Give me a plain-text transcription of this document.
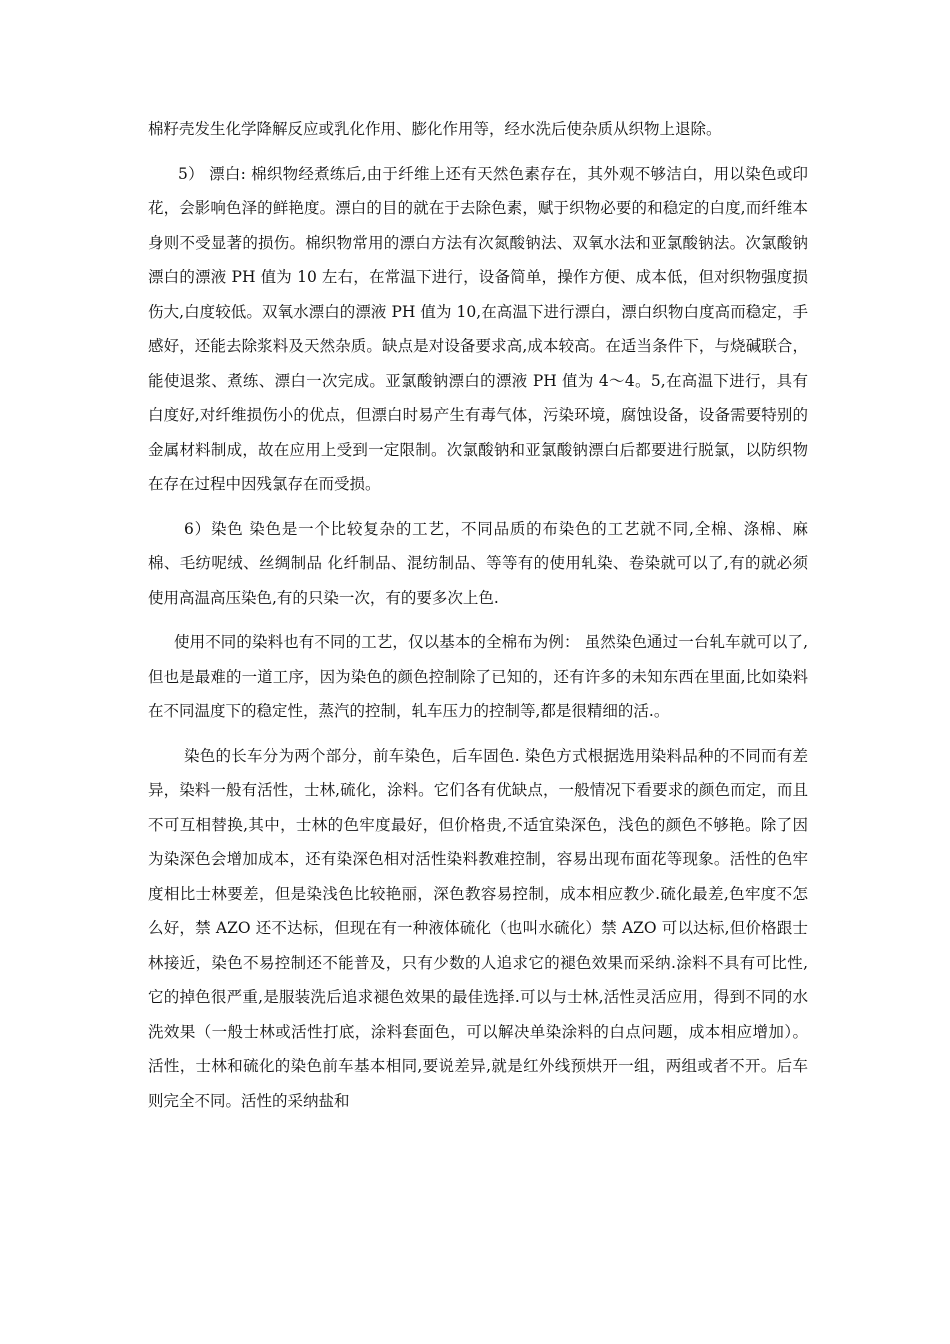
棉籽壳发生化学降解反应或乳化作用、膨化作用等，经水洗后使杂质从织物上退除。

5） 漂白: 棉织物经煮练后,由于纤维上还有天然色素存在，其外观不够洁白，用以染色或印花，会影响色泽的鲜艳度。漂白的目的就在于去除色素，赋于织物必要的和稳定的白度,而纤维本身则不受显著的损伤。棉织物常用的漂白方法有次氮酸钠法、双氧水法和亚氯酸钠法。次氯酸钠漂白的漂液 PH 值为 10 左右，在常温下进行，设备简单，操作方便、成本低，但对织物强度损伤大,白度较低。双氧水漂白的漂液 PH 值为 10,在高温下进行漂白，漂白织物白度高而稳定，手感好，还能去除浆料及天然杂质。缺点是对设备要求高,成本较高。在适当条件下，与烧碱联合，能使退浆、煮练、漂白一次完成。亚氯酸钠漂白的漂液 PH 值为 4～4。5,在高温下进行，具有白度好,对纤维损伤小的优点，但漂白时易产生有毒气体，污染环境，腐蚀设备，设备需要特别的金属材料制成，故在应用上受到一定限制。次氯酸钠和亚氯酸钠漂白后都要进行脱氯，以防织物在存在过程中因残氯存在而受损。

6）染色 染色是一个比较复杂的工艺，不同品质的布染色的工艺就不同,全棉、涤棉、麻棉、毛纺呢绒、丝绸制品 化纤制品、混纺制品、等等有的使用轧染、卷染就可以了,有的就必须使用高温高压染色,有的只染一次，有的要多次上色.

使用不同的染料也有不同的工艺，仅以基本的全棉布为例： 虽然染色通过一台轧车就可以了,但也是最难的一道工序，因为染色的颜色控制除了已知的，还有许多的未知东西在里面,比如染料在不同温度下的稳定性，蒸汽的控制，轧车压力的控制等,都是很精细的活.。

染色的长车分为两个部分，前车染色，后车固色. 染色方式根据选用染料品种的不同而有差异，染料一般有活性，士林,硫化，涂料。它们各有优缺点，一般情况下看要求的颜色而定，而且不可互相替换,其中，士林的色牢度最好，但价格贵,不适宜染深色，浅色的颜色不够艳。除了因为染深色会增加成本，还有染深色相对活性染料教难控制，容易出现布面花等现象。活性的色牢度相比士林要差，但是染浅色比较艳丽，深色教容易控制，成本相应教少.硫化最差,色牢度不怎么好，禁 AZO 还不达标，但现在有一种液体硫化（也叫水硫化）禁 AZO 可以达标,但价格跟士林接近，染色不易控制还不能普及，只有少数的人追求它的褪色效果而采纳.涂料不具有可比性,它的掉色很严重,是服装洗后追求褪色效果的最佳选择.可以与士林,活性灵活应用，得到不同的水洗效果（一般士林或活性打底，涂料套面色，可以解决单染涂料的白点问题，成本相应增加）。 活性，士林和硫化的染色前车基本相同,要说差异,就是红外线预烘开一组，两组或者不开。后车则完全不同。活性的采纳盐和
